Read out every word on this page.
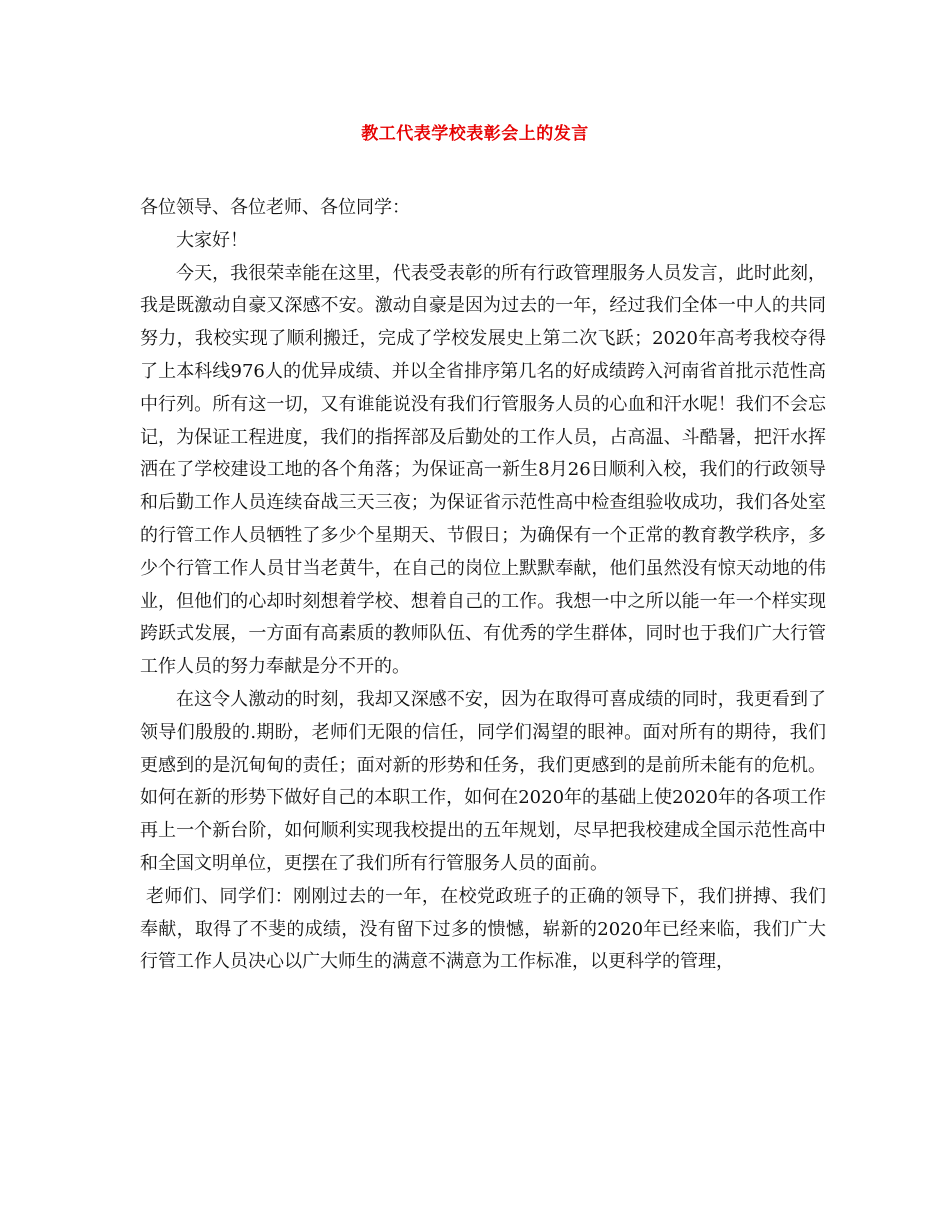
教工代表学校表彰会上的发言

各位领导、各位老师、各位同学：

大家好！

今天，我很荣幸能在这里，代表受表彰的所有行政管理服务人员发言，此时此刻，我是既激动自豪又深感不安。激动自豪是因为过去的一年，经过我们全体一中人的共同努力，我校实现了顺利搬迁，完成了学校发展史上第二次飞跃；2020年高考我校夺得了上本科线976人的优异成绩、并以全省排序第几名的好成绩跨入河南省首批示范性高中行列。所有这一切，又有谁能说没有我们行管服务人员的心血和汗水呢！我们不会忘记，为保证工程进度，我们的指挥部及后勤处的工作人员，占高温、斗酷暑，把汗水挥洒在了学校建设工地的各个角落；为保证高一新生8月26日顺利入校，我们的行政领导和后勤工作人员连续奋战三天三夜；为保证省示范性高中检查组验收成功，我们各处室的行管工作人员牺牲了多少个星期天、节假日；为确保有一个正常的教育教学秩序，多少个行管工作人员甘当老黄牛，在自己的岗位上默默奉献，他们虽然没有惊天动地的伟业，但他们的心却时刻想着学校、想着自己的工作。我想一中之所以能一年一个样实现跨跃式发展，一方面有高素质的教师队伍、有优秀的学生群体，同时也于我们广大行管工作人员的努力奉献是分不开的。

在这令人激动的时刻，我却又深感不安，因为在取得可喜成绩的同时，我更看到了领导们殷殷的.期盼，老师们无限的信任，同学们渴望的眼神。面对所有的期待，我们更感到的是沉甸甸的责任；面对新的形势和任务，我们更感到的是前所未能有的危机。如何在新的形势下做好自己的本职工作，如何在2020年的基础上使2020年的各项工作再上一个新台阶，如何顺利实现我校提出的五年规划，尽早把我校建成全国示范性高中和全国文明单位，更摆在了我们所有行管服务人员的面前。

老师们、同学们：刚刚过去的一年，在校党政班子的正确的领导下，我们拼搏、我们奉献，取得了不斐的成绩，没有留下过多的愦憾，崭新的2020年已经来临，我们广大行管工作人员决心以广大师生的满意不满意为工作标准，以更科学的管理，
